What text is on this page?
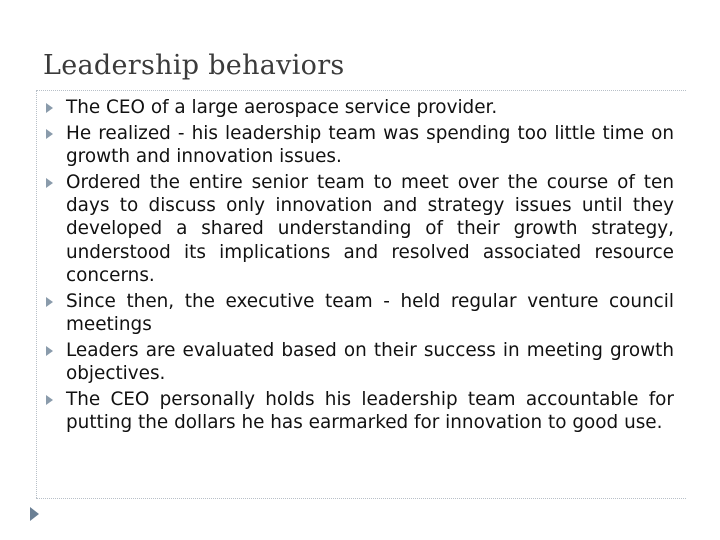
Leadership behaviors
The CEO of a large aerospace service provider.
He realized - his leadership team was spending too little time on growth and innovation issues.
Ordered the entire senior team to meet over the course of ten days to discuss only innovation and strategy issues until they developed a shared understanding of their growth strategy, understood its implications and resolved associated resource concerns.
Since then, the executive team - held regular venture council meetings
Leaders are evaluated based on their success in meeting growth objectives.
The CEO personally holds his leadership team accountable for putting the dollars he has earmarked for innovation to good use.
